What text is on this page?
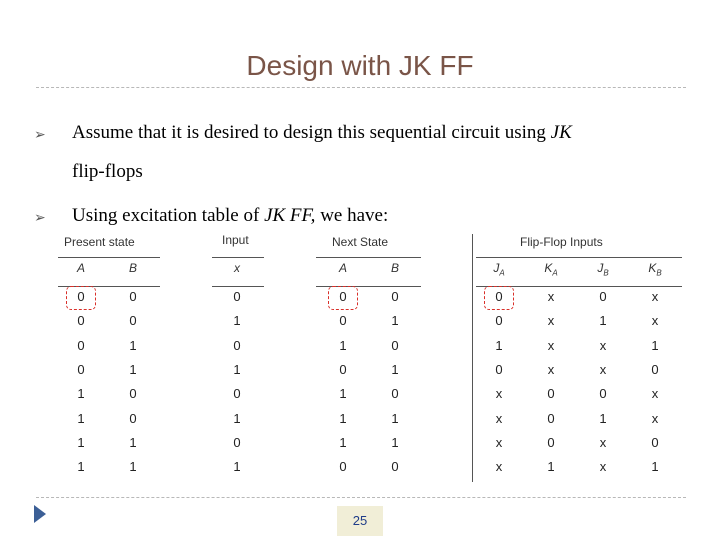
Design with JK FF
➢ Assume that it is desired to design this sequential circuit using JK
flip-flops
➢ Using excitation table of JK FF, we have:
Present state	Input	Next State	Flip-Flop Inputs
A	B	x	A	B	$J_A$	$K_A$	$J_B$	$K_B$
0	0	0	0	0	0	x	0	x
0	0	1	0	1	0	x	1	x
0	1	0	1	0	1	x	x	1
0	1	1	0	1	0	x	x	0
1	0	0	1	0	x	0	0	x
1	0	1	1	1	x	0	1	x
1	1	0	1	1	x	0	x	0
1	1	1	0	0	x	1	x	1
25
